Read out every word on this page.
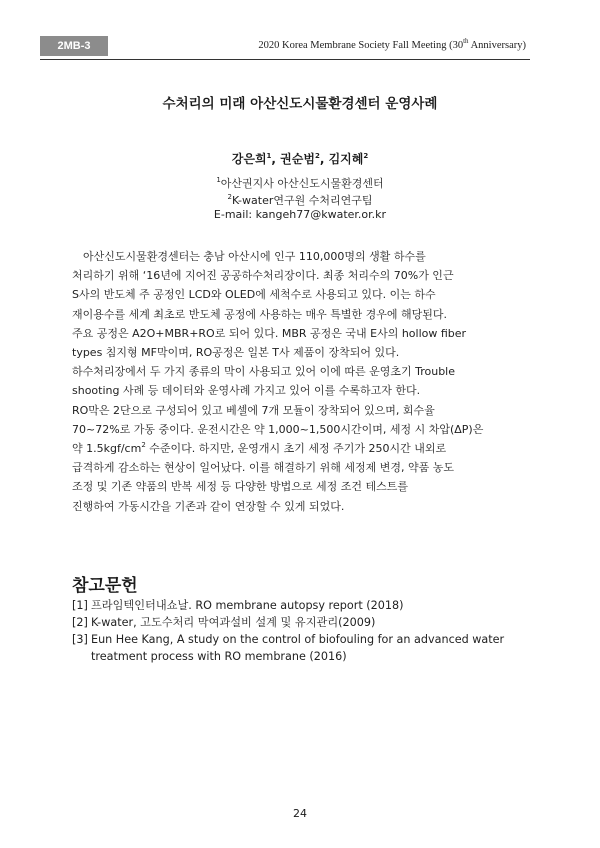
2MB-3	2020 Korea Membrane Society Fall Meeting (30th Anniversary)
수처리의 미래 아산신도시물환경센터 운영사례
강은희$^1$, 권순범$^2$, 김지혜$^2$
$^1$아산권지사 아산신도시물환경센터
$^2$K-water연구원 수처리연구팀
E-mail: kangeh77@kwater.or.kr
　아산신도시물환경센터는 충남 아산시에 인구 110,000명의 생활 하수를
처리하기 위해 ‘16년에 지어진 공공하수처리장이다. 최종 처리수의 70%가 인근
S사의 반도체 주 공정인 LCD와 OLED에 세척수로 사용되고 있다. 이는 하수
재이용수를 세계 최초로 반도체 공정에 사용하는 매우 특별한 경우에 해당된다.
주요 공정은 A2O+MBR+RO로 되어 있다. MBR 공정은 국내 E사의 hollow fiber
types 침지형 MF막이며, RO공정은 일본 T사 제품이 장착되어 있다.
하수처리장에서 두 가지 종류의 막이 사용되고 있어 이에 따른 운영초기 Trouble
shooting 사례 등 데이터와 운영사례 가지고 있어 이를 수록하고자 한다.
RO막은 2단으로 구성되어 있고 베셀에 7개 모듈이 장착되어 있으며, 회수율
70~72%로 가동 중이다. 운전시간은 약 1,000~1,500시간이며, 세정 시 차압(ΔP)은
약 $1.5kgf/cm^2$ 수준이다. 하지만, 운영개시 초기 세정 주기가 250시간 내외로
급격하게 감소하는 현상이 일어났다. 이를 해결하기 위해 세정제 변경, 약품 농도
조정 및 기존 약품의 반복 세정 등 다양한 방법으로 세정 조건 테스트를
진행하여 가동시간을 기존과 같이 연장할 수 있게 되었다.
참고문헌
[1] 프라임텍인터내쇼날. RO membrane autopsy report (2018)
[2] K-water, 고도수처리 막여과설비 설계 및 유지관리(2009)
[3] Eun Hee Kang, A study on the control of biofouling for an advanced water treatment process with RO membrane (2016)
24
